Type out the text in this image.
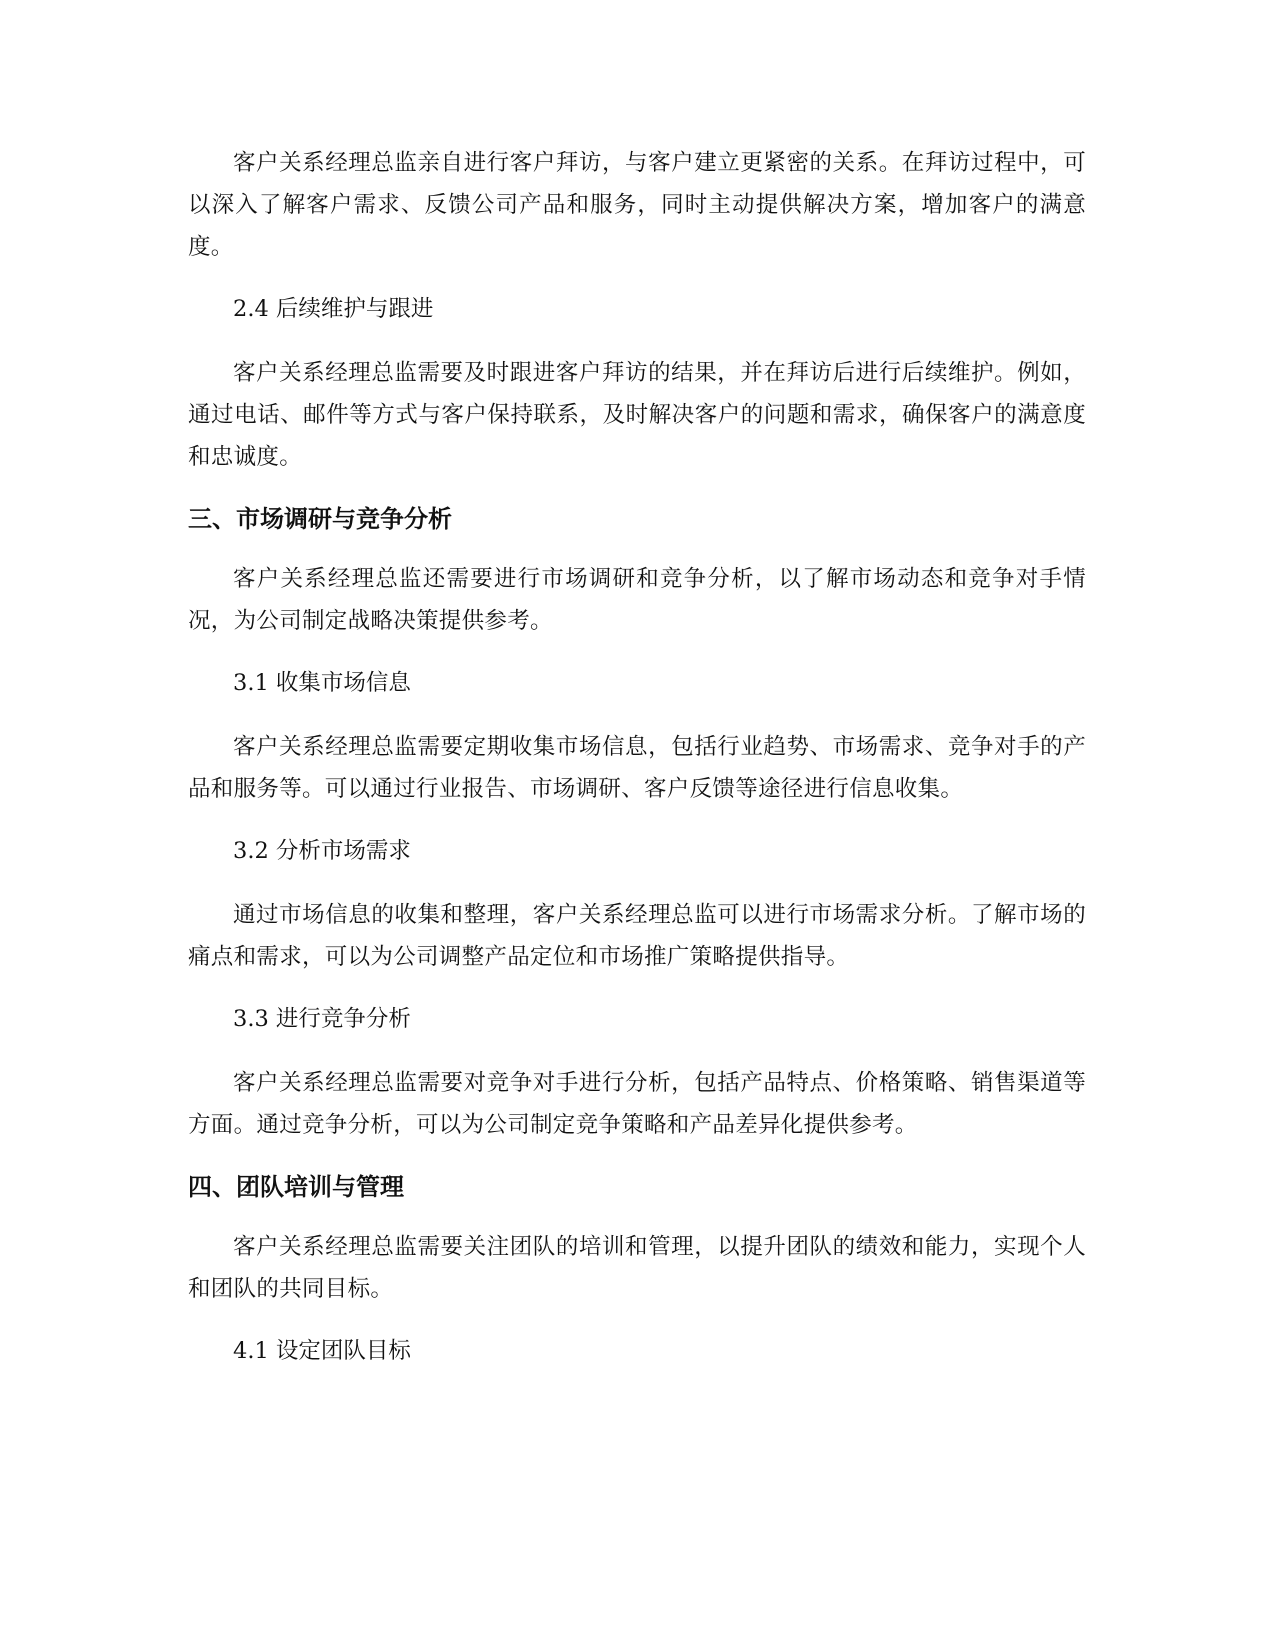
客户关系经理总监亲自进行客户拜访，与客户建立更紧密的关系。在拜访过程中，可以深入了解客户需求、反馈公司产品和服务，同时主动提供解决方案，增加客户的满意度。

2.4 后续维护与跟进

客户关系经理总监需要及时跟进客户拜访的结果，并在拜访后进行后续维护。例如，通过电话、邮件等方式与客户保持联系，及时解决客户的问题和需求，确保客户的满意度和忠诚度。

三、市场调研与竞争分析

客户关系经理总监还需要进行市场调研和竞争分析，以了解市场动态和竞争对手情况，为公司制定战略决策提供参考。

3.1 收集市场信息

客户关系经理总监需要定期收集市场信息，包括行业趋势、市场需求、竞争对手的产品和服务等。可以通过行业报告、市场调研、客户反馈等途径进行信息收集。

3.2 分析市场需求

通过市场信息的收集和整理，客户关系经理总监可以进行市场需求分析。了解市场的痛点和需求，可以为公司调整产品定位和市场推广策略提供指导。

3.3 进行竞争分析

客户关系经理总监需要对竞争对手进行分析，包括产品特点、价格策略、销售渠道等方面。通过竞争分析，可以为公司制定竞争策略和产品差异化提供参考。

四、团队培训与管理

客户关系经理总监需要关注团队的培训和管理，以提升团队的绩效和能力，实现个人和团队的共同目标。

4.1 设定团队目标
